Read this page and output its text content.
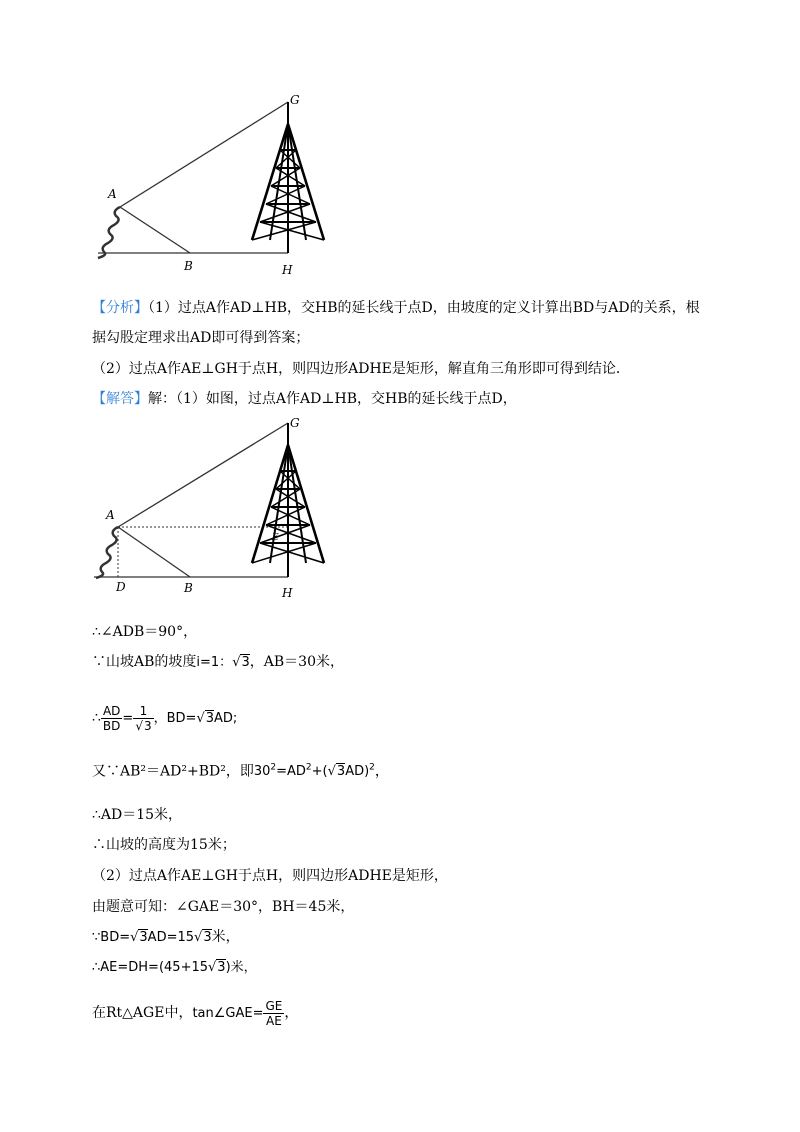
G
A
B	H
【分析】（1）过点A作AD⊥HB，交HB的延长线于点D，由坡度的定义计算出BD与AD的关系，根
据勾股定理求出AD即可得到答案；
（2）过点A作AE⊥GH于点H，则四边形ADHE是矩形，解直角三角形即可得到结论．
【解答】解：（1）如图，过点A作AD⊥HB，交HB的延长线于点D，
G
A
D	B	H
E
∴∠ADB＝90°，
∵山坡AB的坡度i=1：√3，AB＝30米，
∴ $\frac{AD}{BD} = \frac{1}{√3}$ ，BD=√3AD;
又∵AB²＝AD²+BD²，即$30^2=AD^2+(√3AD)^2$，
∴AD＝15米，
∴山坡的高度为15米；
（2）过点A作AE⊥GH于点H，则四边形ADHE是矩形，
由题意可知：∠GAE＝30°，BH＝45米，
∵BD=√3AD=15√3米，
∴AE=DH=(45+15√3)米，
在Rt△AGE中，tan∠GAE= $\frac{GE}{AE}$ ，
